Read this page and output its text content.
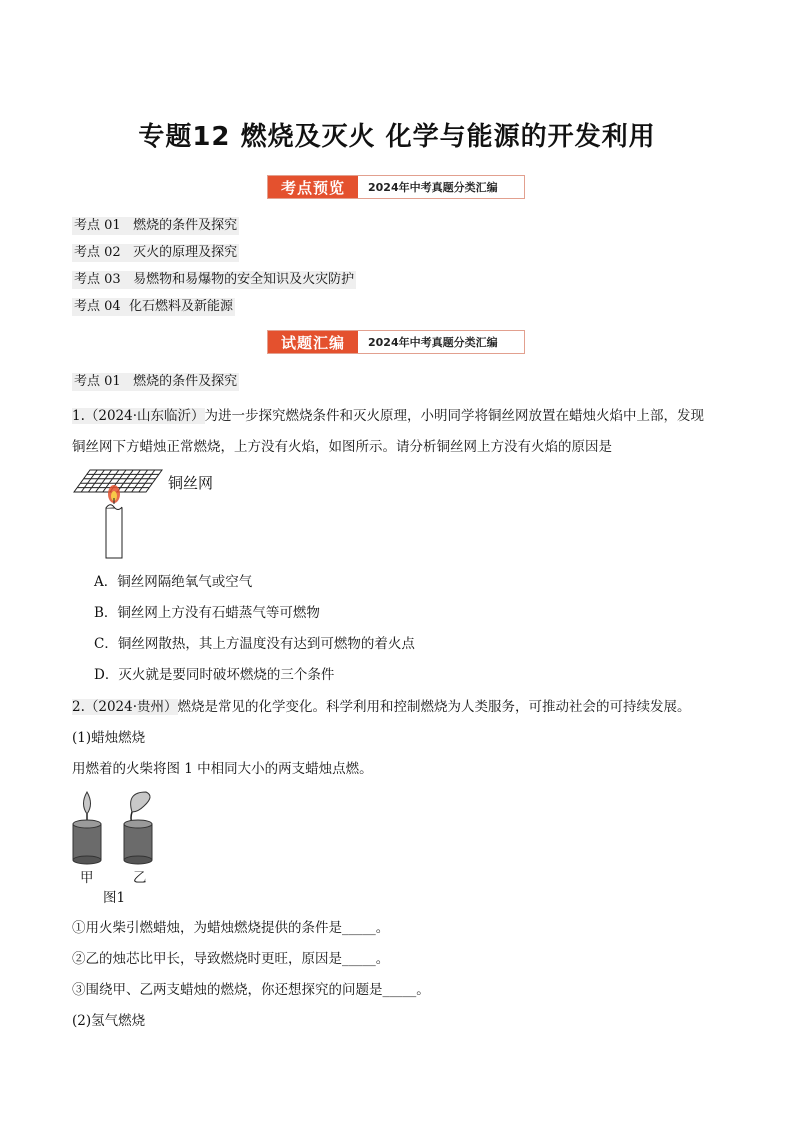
专题12 燃烧及灭火 化学与能源的开发利用
考点预览	2024年中考真题分类汇编
考点 01   燃烧的条件及探究
考点 02   灭火的原理及探究
考点 03   易燃物和易爆物的安全知识及火灾防护
考点 04  化石燃料及新能源
试题汇编	2024年中考真题分类汇编
考点 01   燃烧的条件及探究
1.（2024·山东临沂）为进一步探究燃烧条件和灭火原理，小明同学将铜丝网放置在蜡烛火焰中上部，发现
铜丝网下方蜡烛正常燃烧，上方没有火焰，如图所示。请分析铜丝网上方没有火焰的原因是
铜丝网
A．铜丝网隔绝氧气或空气
B．铜丝网上方没有石蜡蒸气等可燃物
C．铜丝网散热，其上方温度没有达到可燃物的着火点
D．灭火就是要同时破坏燃烧的三个条件
2.（2024·贵州）燃烧是常见的化学变化。科学利用和控制燃烧为人类服务，可推动社会的可持续发展。
(1)蜡烛燃烧
用燃着的火柴将图 1 中相同大小的两支蜡烛点燃。
甲	乙
图1
①用火柴引燃蜡烛，为蜡烛燃烧提供的条件是_____。
②乙的烛芯比甲长，导致燃烧时更旺，原因是_____。
③围绕甲、乙两支蜡烛的燃烧，你还想探究的问题是_____。
(2)氢气燃烧
